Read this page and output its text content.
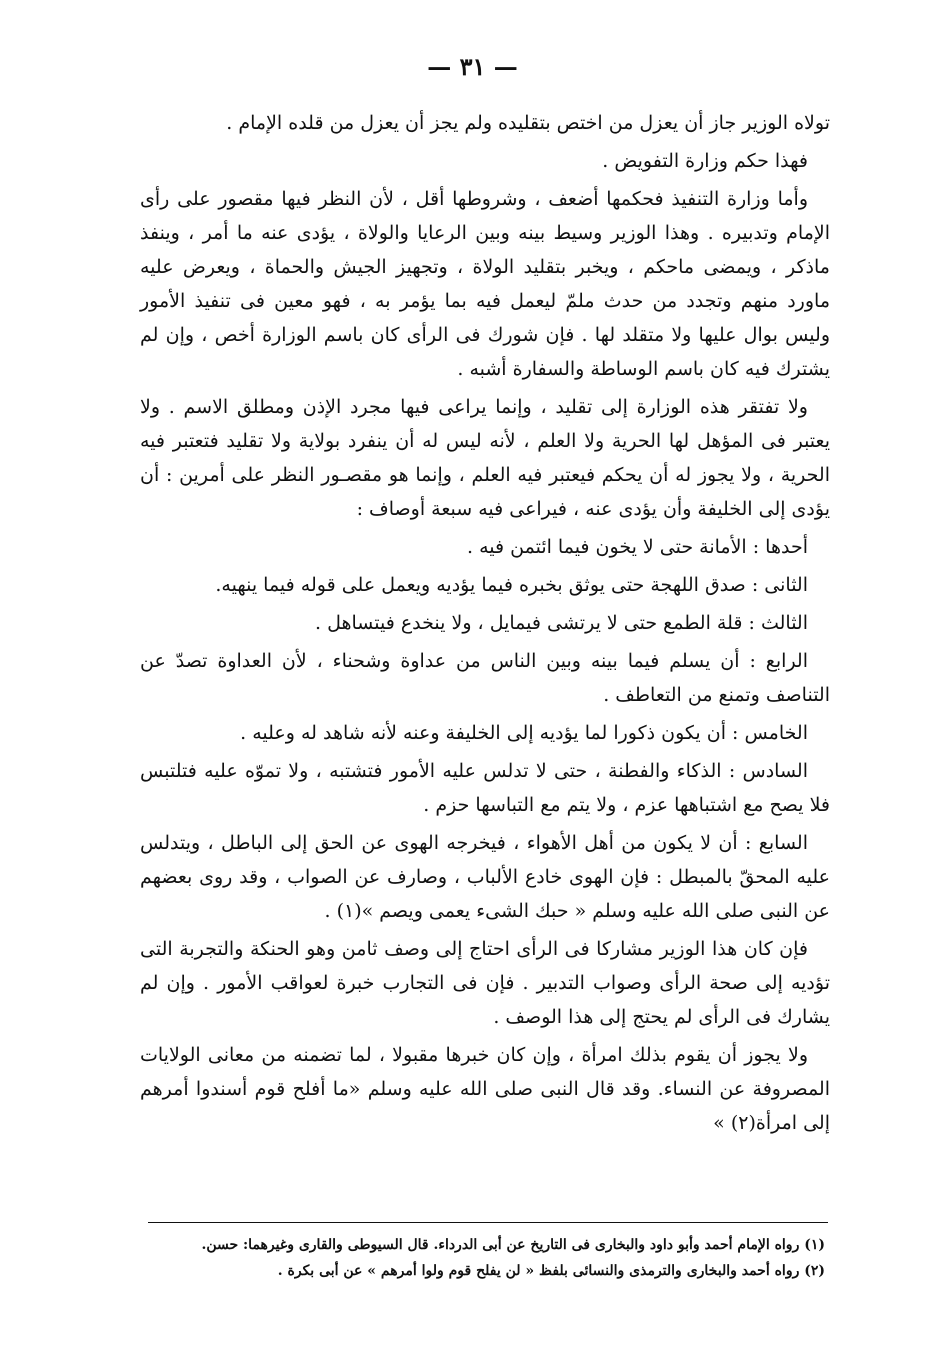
— ٣١ —

تولاه الوزير جاز أن يعزل من اختص بتقليده ولم يجز أن يعزل من قلده الإمام .

فهذا حكم وزارة التفويض .

وأما وزارة التنفيذ فحكمها أضعف ، وشروطها أقل ، لأن النظر فيها مقصور على رأى الإمام وتدبيره . وهذا الوزير وسيط بينه وبين الرعايا والولاة ، يؤدى عنه ما أمر ، وينفذ ماذكر ، ويمضى ماحكم ، ويخبر بتقليد الولاة ، وتجهيز الجيش والحماة ، ويعرض عليه ماورد منهم وتجدد من حدث ملمّ ليعمل فيه بما يؤمر به ، فهو معين فى تنفيذ الأمور وليس بوال عليها ولا متقلد لها . فإن شورك فى الرأى كان باسم الوزارة أخص ، وإن لم يشترك فيه كان باسم الوساطة والسفارة أشبه .

ولا تفتقر هذه الوزارة إلى تقليد ، وإنما يراعى فيها مجرد الإذن ومطلق الاسم . ولا يعتبر فى المؤهل لها الحرية ولا العلم ، لأنه ليس له أن ينفرد بولاية ولا تقليد فتعتبر فيه الحرية ، ولا يجوز له أن يحكم فيعتبر فيه العلم ، وإنما هو مقصـور النظر على أمرين : أن يؤدى إلى الخليفة وأن يؤدى عنه ، فيراعى فيه سبعة أوصاف :

أحدها : الأمانة حتى لا يخون فيما ائتمن فيه .

الثانى : صدق اللهجة حتى يوثق بخبره فيما يؤديه ويعمل على قوله فيما ينهيه.

الثالث : قلة الطمع حتى لا يرتشى فيمايل ، ولا ينخدع فيتساهل .

الرابع : أن يسلم فيما بينه وبين الناس من عداوة وشحناء ، لأن العداوة تصدّ عن التناصف وتمنع من التعاطف .

الخامس : أن يكون ذكورا لما يؤديه إلى الخليفة وعنه لأنه شاهد له وعليه .

السادس : الذكاء والفطنة ، حتى لا تدلس عليه الأمور فتشتبه ، ولا تموّه عليه فتلتبس فلا يصح مع اشتباهها عزم ، ولا يتم مع التباسها حزم .

السابع : أن لا يكون من أهل الأهواء ، فيخرجه الهوى عن الحق إلى الباطل ، ويتدلس عليه المحقّ بالمبطل : فإن الهوى خادع الألباب ، وصارف عن الصواب ، وقد روى بعضهم عن النبى صلى الله عليه وسلم « حبك الشىء يعمى ويصم »(١) .

فإن كان هذا الوزير مشاركا فى الرأى احتاج إلى وصف ثامن وهو الحنكة والتجربة التى تؤديه إلى صحة الرأى وصواب التدبير . فإن فى التجارب خبرة لعواقب الأمور . وإن لم يشارك فى الرأى لم يحتج إلى هذا الوصف .

ولا يجوز أن يقوم بذلك امرأة ، وإن كان خبرها مقبولا ، لما تضمنه من معانى الولايات المصروفة عن النساء. وقد قال النبى صلى الله عليه وسلم «ما أفلح قوم أسندوا أمرهم إلى امرأة(٢) »

(١) رواه الإمام أحمد وأبو داود والبخارى فى التاريخ عن أبى الدرداء. قال السيوطى والقارى وغيرهما: حسن.

(٢) رواه أحمد والبخارى والترمذى والنسائى بلفظ « لن يفلح قوم ولوا أمرهم » عن أبى بكرة .
